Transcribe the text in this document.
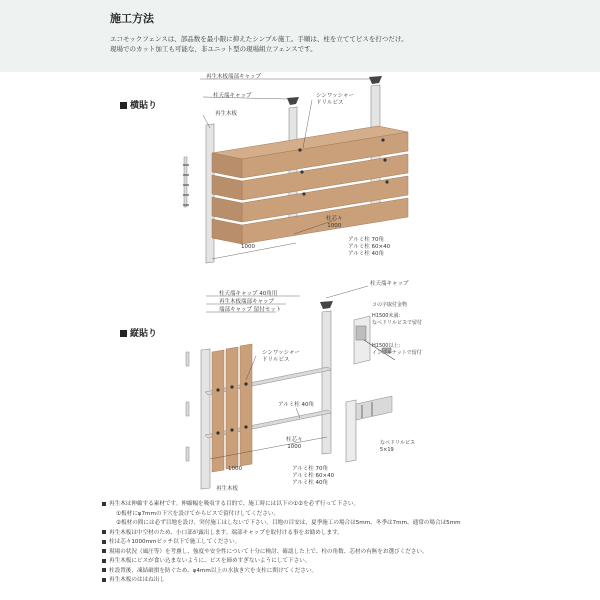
施工方法
エコモックフェンスは、部品数を最小限に抑えたシンプル施工。手順は、柱を立ててビスを打つだけ。
現場でのカット加工も可能な、非ユニット型の現場組立フェンスです。
横貼り
縦貼り
再生木板端部キャップ
柱天端キャップ
再生木板
シンワッシャー
ドリルビス
柱芯々
1000
1000
アルミ柱 70角
アルミ柱 60×40
アルミ柱 40角
柱天端キャップ 40角用
再生木板端部キャップ
端部キャップ 留付セット
柱天端キャップ
シンワッシャー
ドリルビス
アルミ柱 40角
柱芯々
1000
1000	アルミ柱 70角
アルミ柱 60×40
アルミ柱 40角
再生木板
コの字取付金物
H1500未満:
なべドリルビスで留付
H1500以上:
インプルナットで留付
なべドリルビス
5×19
再生木は伸縮する素材です。伸縮幅を吸収する目的で、施工時には以下の①②を必ず行って下さい。
①板材にφ7mmの下穴を設けてからビスで留付けしてください。
②板材の間には必ず目地を設け、突付施工はしないで下さい。目地の目安は、夏季施工の場合は5mm、冬季は7mm、通常の場合は5mm
再生木板は中空材のため、小口部が露出します。端部キャップを取付ける事をお勧めします。
柱は芯々1000mmピッチ以下で施工してください。
現場の状況（風圧等）を考慮し、強度や安全性について十分に検討、確認した上で、柱の角数、芯材の有無をお選びください。
再生木板にビスが食い込まないように、ビスを締めすぎないようにして下さい。
柱設置後、凍結破損を防ぐため、φ4mm以上の水抜き穴を支柱に開けてください。
再生木板のははね出し
